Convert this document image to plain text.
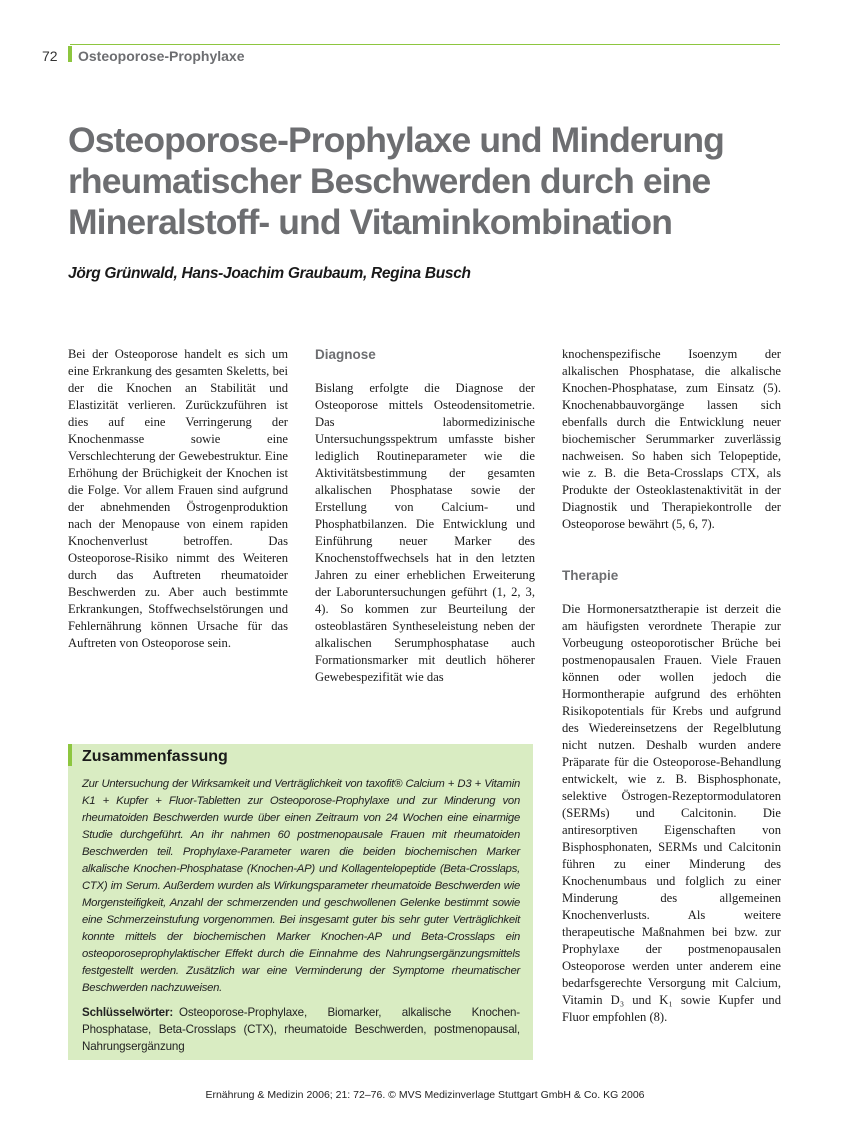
72 Osteoporose-Prophylaxe
Osteoporose-Prophylaxe und Minderung
rheumatischer Beschwerden durch eine
Mineralstoff- und Vitaminkombination
Jörg Grünwald, Hans-Joachim Graubaum, Regina Busch

Bei der Osteoporose handelt es sich um eine Erkrankung des gesamten Skeletts, bei der die Knochen an Stabilität und Elastizität verlieren. Zurückzuführen ist dies auf eine Verringerung der Knochenmasse sowie eine Verschlechterung der Gewebestruktur. Eine Erhöhung der Brüchigkeit der Knochen ist die Folge. Vor allem Frauen sind aufgrund der abnehmenden Östrogenproduktion nach der Menopause von einem rapiden Knochenverlust betroffen. Das Osteoporose-Risiko nimmt des Weiteren durch das Auftreten rheumatoider Beschwerden zu. Aber auch bestimmte Erkrankungen, Stoffwechselstörungen und Fehlernährung können Ursache für das Auftreten von Osteoporose sein.

Diagnose

Bislang erfolgte die Diagnose der Osteoporose mittels Osteodensitometrie. Das labormedizinische Untersuchungsspektrum umfasste bisher lediglich Routineparameter wie die Aktivitätsbestimmung der gesamten alkalischen Phosphatase sowie der Erstellung von Calcium- und Phosphatbilanzen. Die Entwicklung und Einführung neuer Marker des Knochenstoffwechsels hat in den letzten Jahren zu einer erheblichen Erweiterung der Laboruntersuchungen geführt (1, 2, 3, 4). So kommen zur Beurteilung der osteoblastären Syntheseleistung neben der alkalischen Serumphosphatase auch Formationsmarker mit deutlich höherer Gewebespezifität wie das

knochenspezifische Isoenzym der alkalischen Phosphatase, die alkalische Knochen-Phosphatase, zum Einsatz (5). Knochenabbauvorgänge lassen sich ebenfalls durch die Entwicklung neuer biochemischer Serummarker zuverlässig nachweisen. So haben sich Telopeptide, wie z. B. die Beta-Crosslaps CTX, als Produkte der Osteoklastenaktivität in der Diagnostik und Therapiekontrolle der Osteoporose bewährt (5, 6, 7).
Therapie
Die Hormonersatztherapie ist derzeit die am häufigsten verordnete Therapie zur Vorbeugung osteoporotischer Brüche bei postmenopausalen Frauen. Viele Frauen können oder wollen jedoch die Hormontherapie aufgrund des erhöhten Risikopotentials für Krebs und aufgrund des Wiedereinsetzens der Regelblutung nicht nutzen. Deshalb wurden andere Präparate für die Osteoporose-Behandlung entwickelt, wie z. B. Bisphosphonate, selektive Östrogen-Rezeptormodulatoren (SERMs) und Calcitonin. Die antiresorptiven Eigenschaften von Bisphosphonaten, SERMs und Calcitonin führen zu einer Minderung des Knochenumbaus und folglich zu einer Minderung des allgemeinen Knochenverlusts. Als weitere therapeutische Maßnahmen bei bzw. zur Prophylaxe der postmenopausalen Osteoporose werden unter anderem eine bedarfsgerechte Versorgung mit Calcium, Vitamin D₃ und K₁ sowie Kupfer und Fluor empfohlen (8).
Zusammenfassung

Zur Untersuchung der Wirksamkeit und Verträglichkeit von taxofit® Calcium + D3 + Vitamin K1 + Kupfer + Fluor-Tabletten zur Osteoporose-Prophylaxe und zur Minderung von rheumatoiden Beschwerden wurde über einen Zeitraum von 24 Wochen eine einarmige Studie durchgeführt. An ihr nahmen 60 postmenopausale Frauen mit rheumatoiden Beschwerden teil. Prophylaxe-Parameter waren die beiden biochemischen Marker alkalische Knochen-Phosphatase (Knochen-AP) und Kollagentelopeptide (Beta-Crosslaps, CTX) im Serum. Außerdem wurden als Wirkungsparameter rheumatoide Beschwerden wie Morgensteifigkeit, Anzahl der schmerzenden und geschwollenen Gelenke bestimmt sowie eine Schmerzeinstufung vorgenommen. Bei insgesamt guter bis sehr guter Verträglichkeit konnte mittels der biochemischen Marker Knochen-AP und Beta-Crosslaps ein osteoporoseprophylaktischer Effekt durch die Einnahme des Nahrungsergänzungsmittels festgestellt werden. Zusätzlich war eine Verminderung der Symptome rheumatischer Beschwerden nachzuweisen.

Schlüsselwörter: Osteoporose-Prophylaxe, Biomarker, alkalische Knochen-Phosphatase, Beta-Crosslaps (CTX), rheumatoide Beschwerden, postmenopausal, Nahrungsergänzung

Ernährung & Medizin 2006; 21: 72–76. © MVS Medizinverlage Stuttgart GmbH & Co. KG 2006
